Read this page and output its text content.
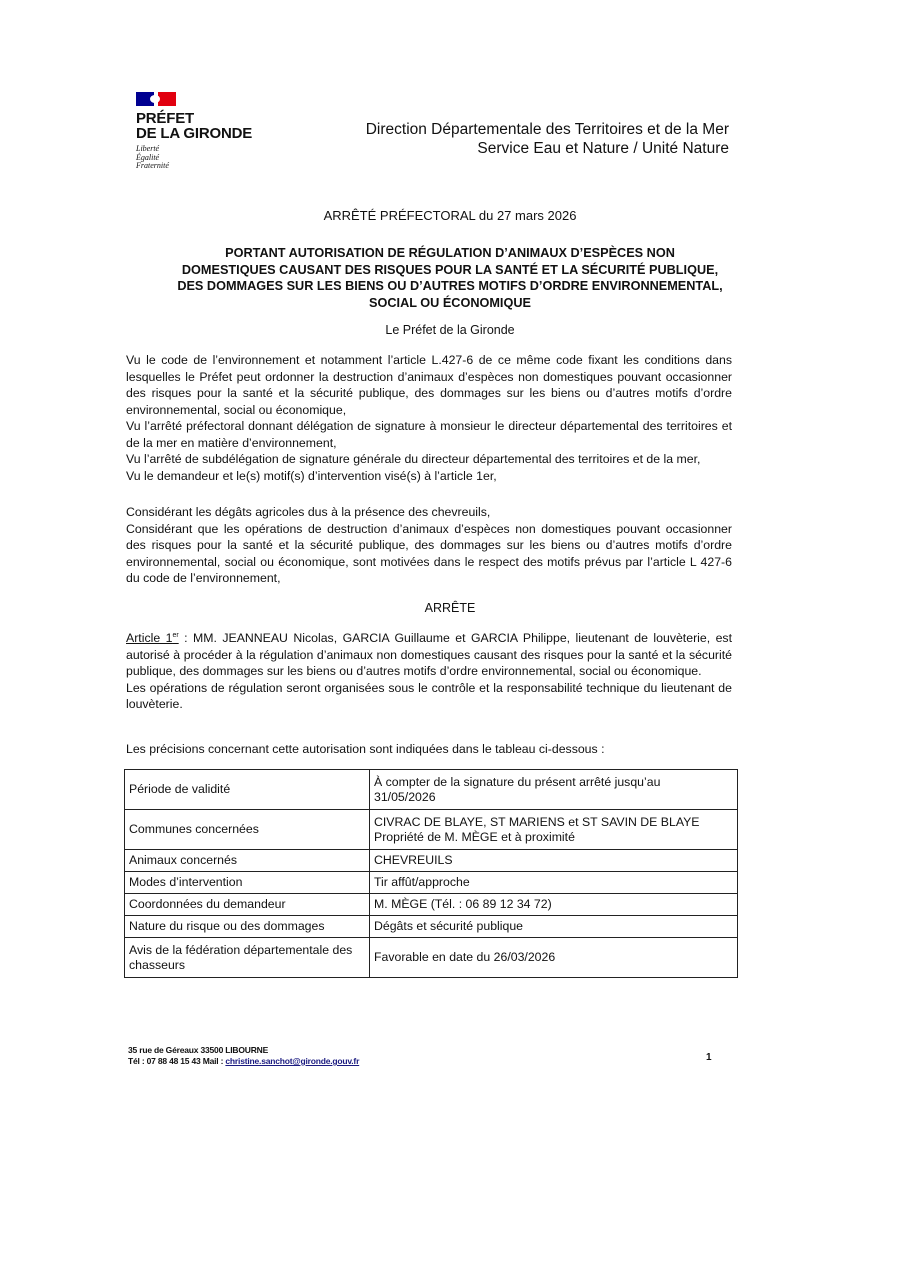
PRÉFET
DE LA GIRONDE
Liberté
Égalité
Fraternité
Direction Départementale des Territoires et de la Mer
Service Eau et Nature / Unité Nature
ARRÊTÉ PRÉFECTORAL du 27 mars 2026
PORTANT AUTORISATION DE RÉGULATION D’ANIMAUX D’ESPÈCES NON
DOMESTIQUES CAUSANT DES RISQUES POUR LA SANTÉ ET LA SÉCURITÉ PUBLIQUE,
DES DOMMAGES SUR LES BIENS OU D’AUTRES MOTIFS D’ORDRE ENVIRONNEMENTAL,
SOCIAL OU ÉCONOMIQUE
Le Préfet de la Gironde

Vu le code de l’environnement et notamment l’article L.427-6 de ce même code fixant les conditions dans lesquelles le Préfet peut ordonner la destruction d’animaux d’espèces non domestiques pouvant occasionner des risques pour la santé et la sécurité publique, des dommages sur les biens ou d’autres motifs d’ordre environnemental, social ou économique,

Vu l’arrêté préfectoral donnant délégation de signature à monsieur le directeur départemental des territoires et de la mer en matière d’environnement,

Vu l’arrêté de subdélégation de signature générale du directeur départemental des territoires et de la mer,

Vu le demandeur et le(s) motif(s) d’intervention visé(s) à l’article 1er,

Considérant les dégâts agricoles dus à la présence des chevreuils,

Considérant que les opérations de destruction d’animaux d’espèces non domestiques pouvant occasionner des risques pour la santé et la sécurité publique, des dommages sur les biens ou d’autres motifs d’ordre environnemental, social ou économique, sont motivées dans le respect des motifs prévus par l’article L 427-6 du code de l’environnement,

ARRÊTE

Article 1er : MM. JEANNEAU Nicolas, GARCIA Guillaume et GARCIA Philippe, lieutenant de louvèterie, est autorisé à procéder à la régulation d’animaux non domestiques causant des risques pour la santé et la sécurité publique, des dommages sur les biens ou d’autres motifs d’ordre environnemental, social ou économique.

Les opérations de régulation seront organisées sous le contrôle et la responsabilité technique du lieutenant de louvèterie.

Les précisions concernant cette autorisation sont indiquées dans le tableau ci-dessous :
Période de validité	À compter de la signature du présent arrêté jusqu’au
31/05/2026

Communes concernées	CIVRAC DE BLAYE, ST MARIENS et ST SAVIN DE BLAYE
Propriété de M. MÈGE et à proximité

Animaux concernés	CHEVREUILS
Modes d’intervention	Tir affût/approche
Coordonnées du demandeur	M. MÈGE (Tél. : 06 89 12 34 72)
Nature du risque ou des dommages	Dégâts et sécurité publique
Avis de la fédération départementale des chasseurs	Favorable en date du 26/03/2026
35 rue de Géreaux 33500 LIBOURNE
Tél : 07 88 48 15 43 Mail : christine.sanchot@gironde.gouv.fr	1
